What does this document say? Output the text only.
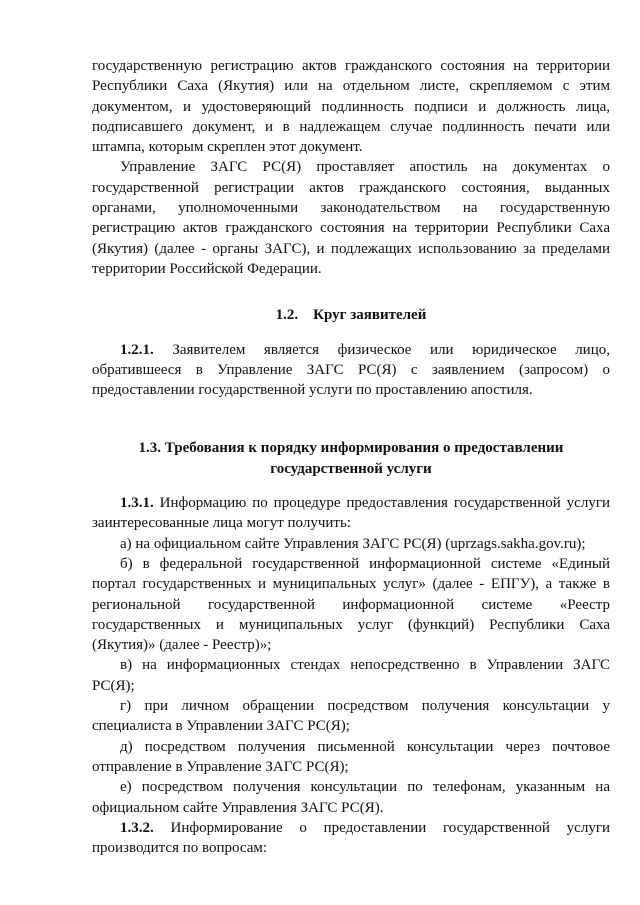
государственную регистрацию актов гражданского состояния на территории Республики Саха (Якутия) или на отдельном листе, скрепляемом с этим документом, и удостоверяющий подлинность подписи и должность лица, подписавшего документ, и в надлежащем случае подлинность печати или штампа, которым скреплен этот документ.

Управление ЗАГС РС(Я) проставляет апостиль на документах о государственной регистрации актов гражданского состояния, выданных органами, уполномоченными законодательством на государственную регистрацию актов гражданского состояния на территории Республики Саха (Якутия) (далее - органы ЗАГС), и подлежащих использованию за пределами территории Российской Федерации.

1.2.    Круг заявителей

1.2.1. Заявителем является физическое или юридическое лицо, обратившееся в Управление ЗАГС РС(Я) с заявлением (запросом) о предоставлении государственной услуги по проставлению апостиля.

1.3. Требования к порядку информирования о предоставлении государственной услуги

1.3.1. Информацию по процедуре предоставления государственной услуги заинтересованные лица могут получить:

а) на официальном сайте Управления ЗАГС РС(Я) (uprzags.sakha.gov.ru);

б) в федеральной государственной информационной системе «Единый портал государственных и муниципальных услуг» (далее - ЕПГУ), а также в региональной государственной информационной системе «Реестр государственных и муниципальных услуг (функций) Республики Саха (Якутия)» (далее - Реестр)»;

в) на информационных стендах непосредственно в Управлении ЗАГС РС(Я);

г) при личном обращении посредством получения консультации у специалиста в Управлении ЗАГС РС(Я);

д) посредством получения письменной консультации через почтовое отправление в Управление ЗАГС РС(Я);

е) посредством получения консультации по телефонам, указанным на официальном сайте Управления ЗАГС РС(Я).

1.3.2. Информирование о предоставлении государственной услуги производится по вопросам:
